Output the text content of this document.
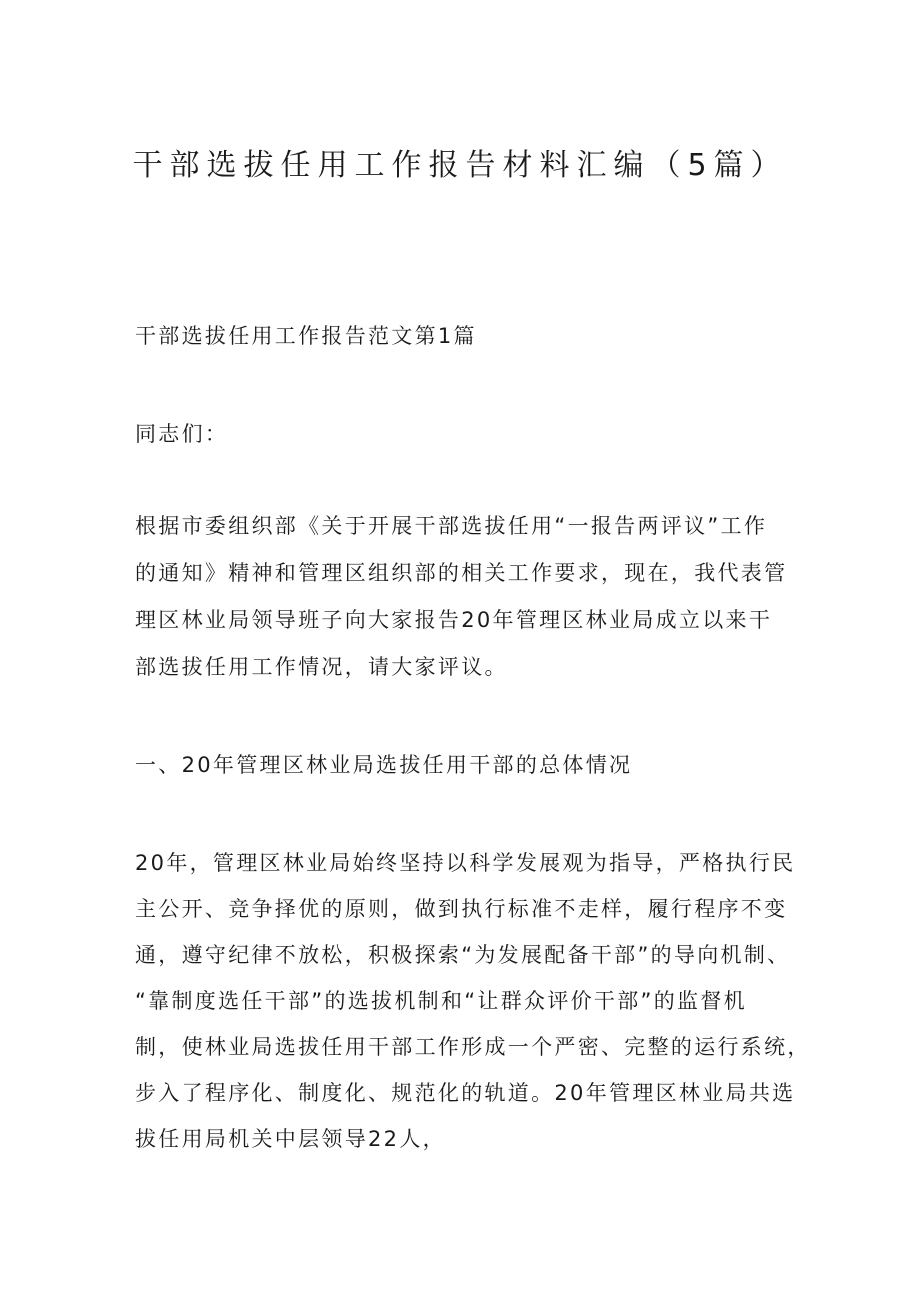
干部选拔任用工作报告材料汇编（5篇）

干部选拔任用工作报告范文第1篇

同志们：

根据市委组织部《关于开展干部选拔任用“一报告两评议”工作

的通知》精神和管理区组织部的相关工作要求，现在，我代表管

理区林业局领导班子向大家报告20年管理区林业局成立以来干

部选拔任用工作情况，请大家评议。

一、20年管理区林业局选拔任用干部的总体情况

20年，管理区林业局始终坚持以科学发展观为指导，严格执行民

主公开、竞争择优的原则，做到执行标准不走样，履行程序不变

通，遵守纪律不放松，积极探索“为发展配备干部”的导向机制、

“靠制度选任干部”的选拔机制和“让群众评价干部”的监督机

制，使林业局选拔任用干部工作形成一个严密、完整的运行系统，

步入了程序化、制度化、规范化的轨道。20年管理区林业局共选

拔任用局机关中层领导22人，
